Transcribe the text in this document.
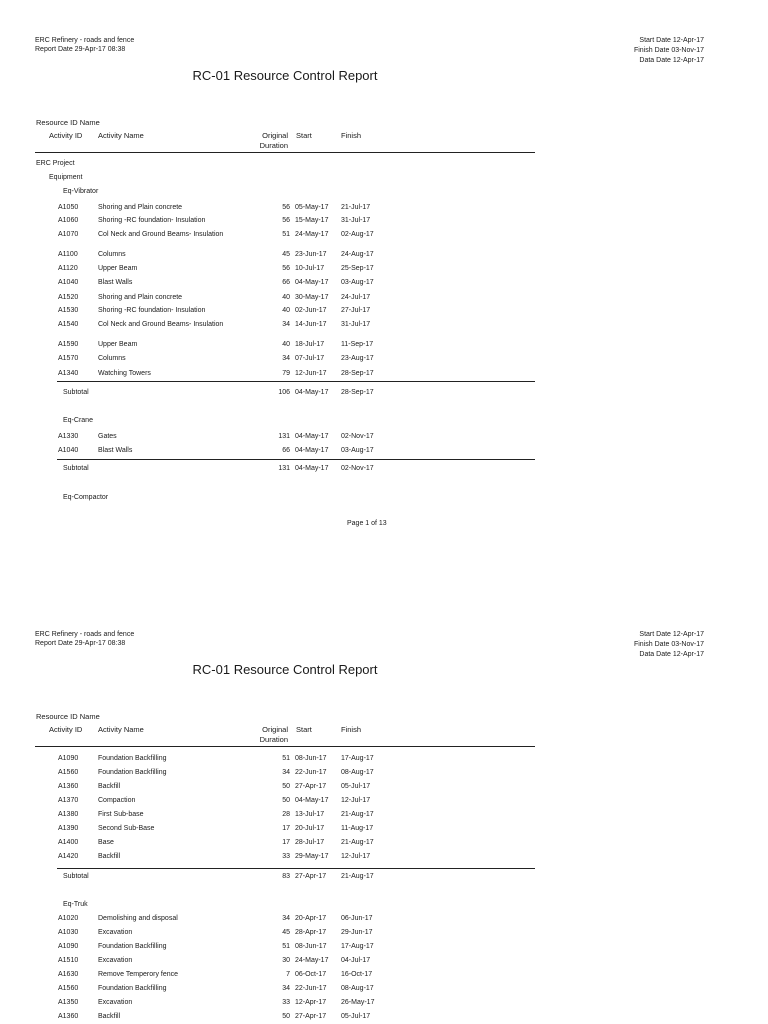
ERC Refinery - roads and fence
Report Date 29-Apr-17 08:38
Start Date 12-Apr-17
Finish Date 03-Nov-17
Data Date 12-Apr-17
RC-01 Resource Control Report
Resource ID Name
Activity ID Activity Name	Original Duration
Start	Finish
ERC Project
Equipment
Eq-Vibrator
A1050	Shoring and Plain concrete	56 05-May-17 21-Jul-17
A1060	Shoring -RC foundation- Insulation	56 15-May-17 31-Jul-17
A1070	Col Neck and Ground Beams- Insulation	51 24-May-17 02-Aug-17
A1100	Columns	45 23-Jun-17 24-Aug-17
A1120	Upper Beam	56 10-Jul-17 25-Sep-17
A1040	Blast Walls	66 04-May-17 03-Aug-17
A1520	Shoring and Plain concrete	40 30-May-17 24-Jul-17
A1530	Shoring -RC foundation- Insulation	40 02-Jun-17 27-Jul-17
A1540	Col Neck and Ground Beams- Insulation	34 14-Jun-17 31-Jul-17
A1590	Upper Beam	40 18-Jul-17 11-Sep-17
A1570	Columns	34 07-Jul-17 23-Aug-17
A1340	Watching Towers	79 12-Jun-17 28-Sep-17
Subtotal	106 04-May-17 28-Sep-17
Eq-Crane
A1330	Gates	131 04-May-17 02-Nov-17
A1040	Blast Walls	66 04-May-17 03-Aug-17
Subtotal	131 04-May-17 02-Nov-17
Eq-Compactor
Page 1 of 13
ERC Refinery - roads and fence
Report Date 29-Apr-17 08:38
Start Date 12-Apr-17
Finish Date 03-Nov-17
Data Date 12-Apr-17
RC-01 Resource Control Report
Resource ID Name
Activity ID Activity Name	Original Duration
Start	Finish
A1090	Foundation Backfilling	51 08-Jun-17 17-Aug-17
A1560	Foundation Backfilling	34 22-Jun-17 08-Aug-17
A1360	Backfill	50 27-Apr-17 05-Jul-17
A1370	Compaction	50 04-May-17 12-Jul-17
A1380	First Sub-base	28 13-Jul-17 21-Aug-17
A1390	Second Sub-Base	17 20-Jul-17 11-Aug-17
A1400	Base	17 28-Jul-17 21-Aug-17
A1420	Backfill	33 29-May-17 12-Jul-17
Subtotal	83 27-Apr-17 21-Aug-17
Eq-Truk
A1020	Demolishing and disposal	34 20-Apr-17 06-Jun-17
A1030	Excavation	45 28-Apr-17 29-Jun-17
A1090	Foundation Backfilling	51 08-Jun-17 17-Aug-17
A1510	Excavation	30 24-May-17 04-Jul-17
A1630	Remove Temperory fence	7 06-Oct-17 16-Oct-17
A1560	Foundation Backfilling	34 22-Jun-17 08-Aug-17
A1350	Excavation	33 12-Apr-17 26-May-17
A1360	Backfill	50 27-Apr-17 05-Jul-17
